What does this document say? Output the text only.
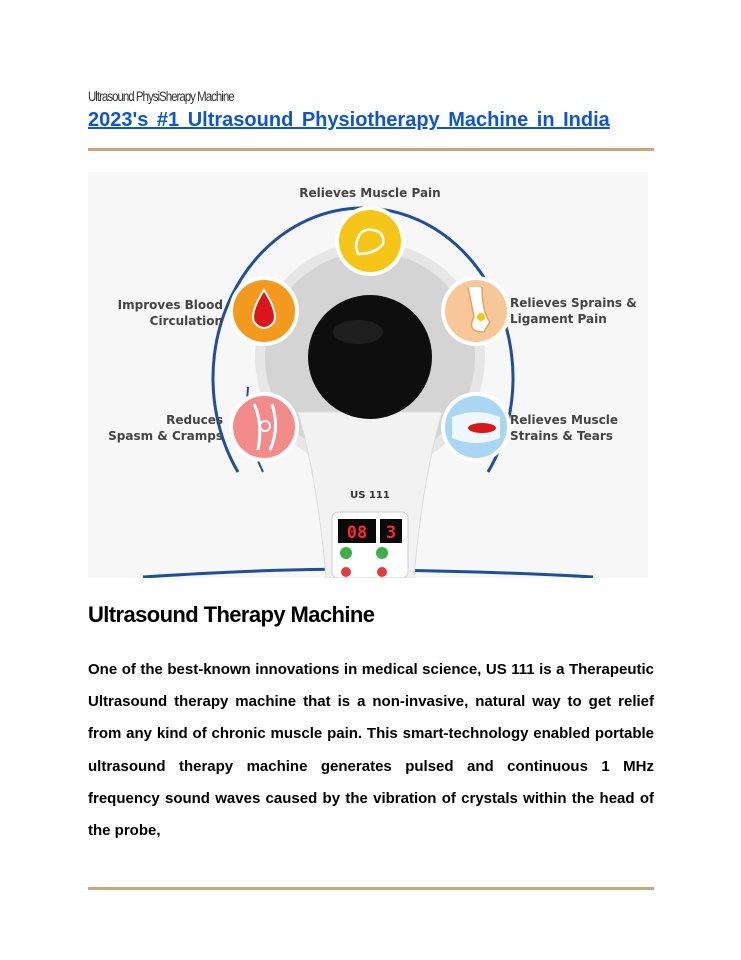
Ultrasound PhysiSherapy Machine
2023's #1 Ultrasound Physiotherapy Machine in India
US 111
08 3
Relieves Muscle Pain
Improves Blood
Circulation
Relieves Sprains &
Ligament Pain
Reduces
Spasm & Cramps
Relieves Muscle
Strains & Tears
Ultrasound Therapy Machine
One of the best-known innovations in medical science, US 111 is a Therapeutic Ultrasound therapy machine that is a non-invasive, natural way to get relief from any kind of chronic muscle pain. This smart-technology enabled portable ultrasound therapy machine generates pulsed and continuous 1 MHz frequency sound waves caused by the vibration of crystals within the head of the probe,
